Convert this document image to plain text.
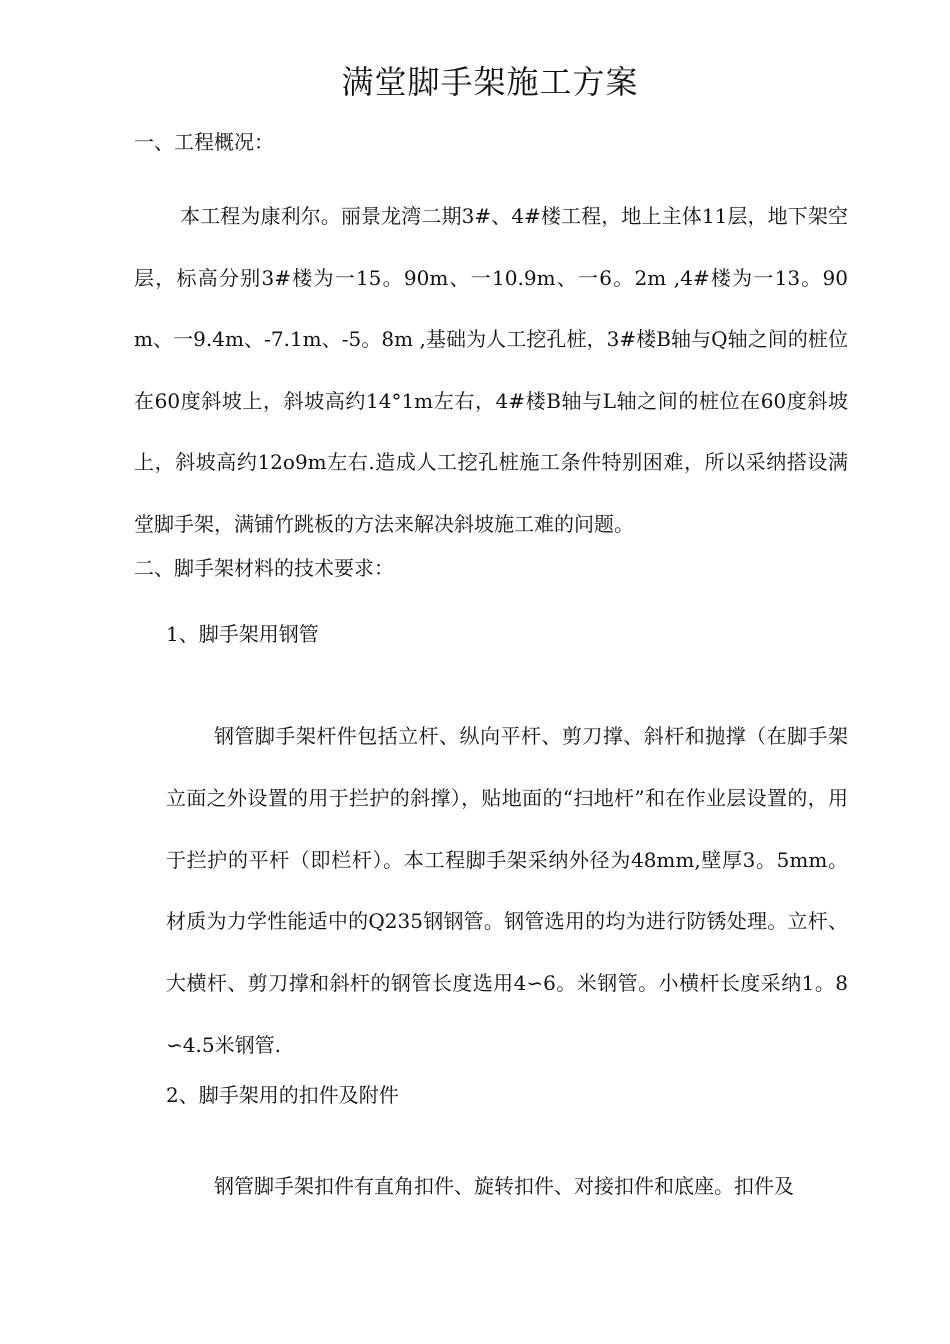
满堂脚手架施工方案
一、工程概况：
本工程为康利尔。丽景龙湾二期3#、4#楼工程，地上主体11层，地下架空层，标高分别3#楼为一15。90m、一10.9m、一6。2m ,4#楼为一13。90m、一9.4m、-7.1m、-5。8m ,基础为人工挖孔桩，3#楼B轴与Q轴之间的桩位在60度斜坡上，斜坡高约14°1m左右，4#楼B轴与L轴之间的桩位在60度斜坡上，斜坡高约12o9m左右.造成人工挖孔桩施工条件特别困难，所以采纳搭设满堂脚手架，满铺竹跳板的方法来解决斜坡施工难的问题。
二、脚手架材料的技术要求：
1、脚手架用钢管
钢管脚手架杆件包括立杆、纵向平杆、剪刀撑、斜杆和抛撑（在脚手架立面之外设置的用于拦护的斜撑），贴地面的“扫地杆”和在作业层设置的，用于拦护的平杆（即栏杆）。本工程脚手架采纳外径为48mm,壁厚3。5mm。材质为力学性能适中的Q235钢钢管。钢管选用的均为进行防锈处理。立杆、大横杆、剪刀撑和斜杆的钢管长度选用4∽6。米钢管。小横杆长度采纳1。8∽4.5米钢管.
2、脚手架用的扣件及附件
钢管脚手架扣件有直角扣件、旋转扣件、对接扣件和底座。扣件及
